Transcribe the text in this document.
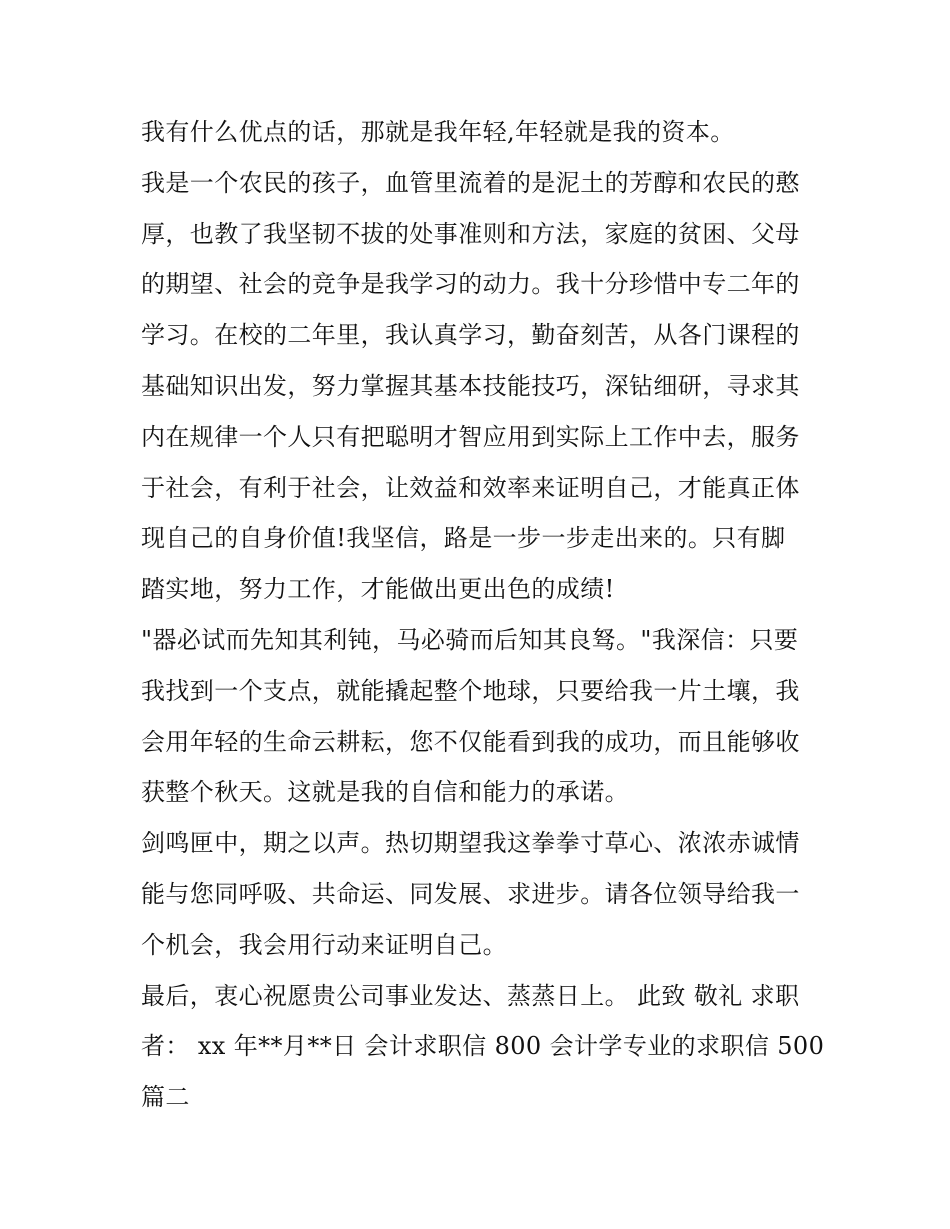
我有什么优点的话，那就是我年轻,年轻就是我的资本。
我是一个农民的孩子，血管里流着的是泥土的芳醇和农民的憨
厚，也教了我坚韧不拔的处事准则和方法，家庭的贫困、父母
的期望、社会的竞争是我学习的动力。我十分珍惜中专二年的
学习。在校的二年里，我认真学习，勤奋刻苦，从各门课程的
基础知识出发，努力掌握其基本技能技巧，深钻细研，寻求其
内在规律一个人只有把聪明才智应用到实际上工作中去，服务
于社会，有利于社会，让效益和效率来证明自己，才能真正体
现自己的自身价值!我坚信，路是一步一步走出来的。只有脚
踏实地，努力工作，才能做出更出色的成绩!
"器必试而先知其利钝，马必骑而后知其良驽。"我深信：只要
我找到一个支点，就能撬起整个地球，只要给我一片土壤，我
会用年轻的生命云耕耘，您不仅能看到我的成功，而且能够收
获整个秋天。这就是我的自信和能力的承诺。
剑鸣匣中，期之以声。热切期望我这拳拳寸草心、浓浓赤诚情
能与您同呼吸、共命运、同发展、求进步。请各位领导给我一
个机会，我会用行动来证明自己。
最后，衷心祝愿贵公司事业发达、蒸蒸日上。 此致 敬礼 求职
者： xx 年**月**日 会计求职信 800 会计学专业的求职信 500
篇二
